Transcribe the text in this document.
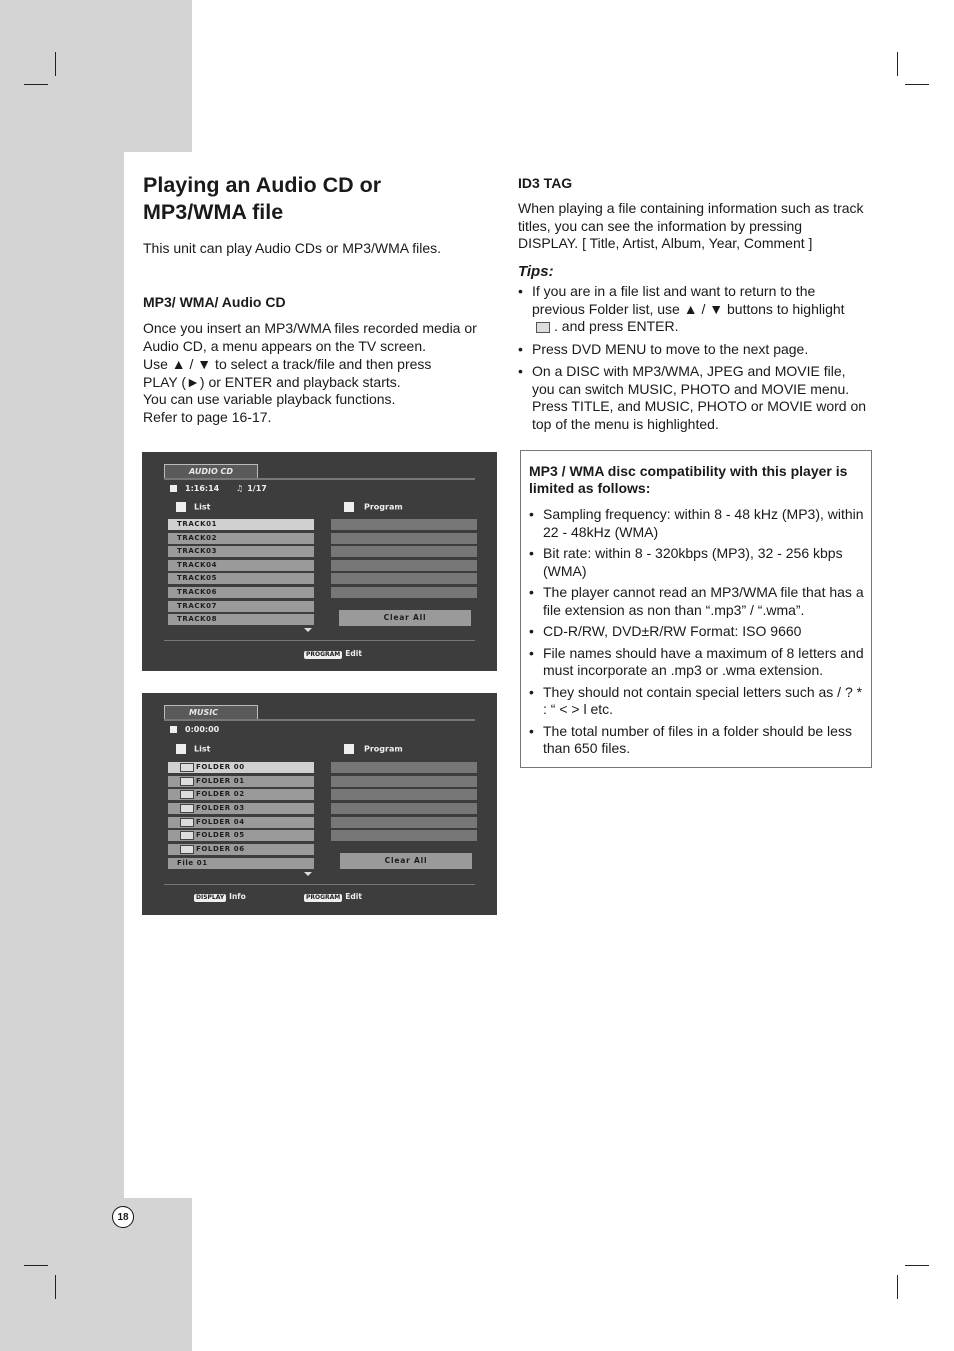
18
Playing an Audio CD or MP3/WMA file

This unit can play Audio CDs or MP3/WMA files.

MP3/ WMA/ Audio CD

Once you insert an MP3/WMA files recorded media or
Audio CD, a menu appears on the TV screen.
Use ▲ / ▼ to select a track/file and then press
PLAY (►) or ENTER and playback starts.
You can use variable playback functions.
Refer to page 16-17.
AUDIO CD
1:16:14 ♫ 1/17
List	Program
TRACK01
TRACK02
TRACK03
TRACK04
TRACK05
TRACK06
TRACK07
TRACK08	Clear All
PROGRAM Edit
MUSIC
0:00:00
List	Program
FOLDER 00
FOLDER 01
FOLDER 02
FOLDER 03
FOLDER 04
FOLDER 05
FOLDER 06
File 01	Clear All
DISPLAY Info	PROGRAM Edit

ID3 TAG

When playing a file containing information such as track titles, you can see the information by pressing DISPLAY. [ Title, Artist, Album, Year, Comment ]

Tips:
• If you are in a file list and want to return to the previous Folder list, use ▲ / ▼ buttons to highlight
. and press ENTER.
• Press DVD MENU to move to the next page.
• On a DISC with MP3/WMA, JPEG and MOVIE file, you can switch MUSIC, PHOTO and MOVIE menu. Press TITLE, and MUSIC, PHOTO or MOVIE word on top of the menu is highlighted.
MP3 / WMA disc compatibility with this player is limited as follows:
• Sampling frequency: within 8 - 48 kHz (MP3), within 22 - 48kHz (WMA)
• Bit rate: within 8 - 320kbps (MP3), 32 - 256 kbps (WMA)
• The player cannot read an MP3/WMA file that has a file extension as non than “.mp3” / “.wma”.
• CD-R/RW, DVD±R/RW Format: ISO 9660
• File names should have a maximum of 8 letters and must incorporate an .mp3 or .wma extension.
• They should not contain special letters such as / ? * : “ < > l etc.
• The total number of files in a folder should be less than 650 files.
